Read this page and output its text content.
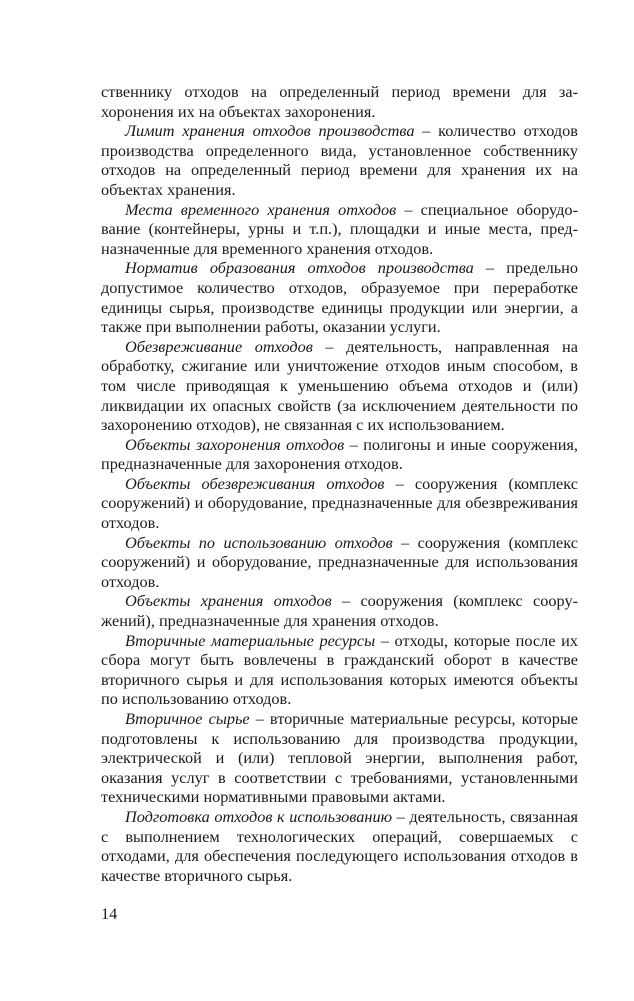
ственнику отходов на определенный период времени для захоронения их на объектах захоронения.

Лимит хранения отходов производства – количество отходов производства определенного вида, установленное собственнику отходов на определенный период времени для хранения их на объектах хранения.

Места временного хранения отходов – специальное оборудование (контейнеры, урны и т.п.), площадки и иные места, предназначенные для временного хранения отходов.

Норматив образования отходов производства – предельно допустимое количество отходов, образуемое при переработке единицы сырья, производстве единицы продукции или энергии, а также при выполнении работы, оказании услуги.

Обезвреживание отходов – деятельность, направленная на обработку, сжигание или уничтожение отходов иным способом, в том числе приводящая к уменьшению объема отходов и (или) ликвидации их опасных свойств (за исключением деятельности по захоронению отходов), не связанная с их использованием.

Объекты захоронения отходов – полигоны и иные сооружения, предназначенные для захоронения отходов.

Объекты обезвреживания отходов – сооружения (комплекс сооружений) и оборудование, предназначенные для обезвреживания отходов.

Объекты по использованию отходов – сооружения (комплекс сооружений) и оборудование, предназначенные для использования отходов.

Объекты хранения отходов – сооружения (комплекс сооружений), предназначенные для хранения отходов.

Вторичные материальные ресурсы – отходы, которые после их сбора могут быть вовлечены в гражданский оборот в качестве вторичного сырья и для использования которых имеются объекты по использованию отходов.

Вторичное сырье – вторичные материальные ресурсы, которые подготовлены к использованию для производства продукции, электрической и (или) тепловой энергии, выполнения работ, оказания услуг в соответствии с требованиями, установленными техническими нормативными правовыми актами.

Подготовка отходов к использованию – деятельность, связанная с выполнением технологических операций, совершаемых с отходами, для обеспечения последующего использования отходов в качестве вторичного сырья.

14
